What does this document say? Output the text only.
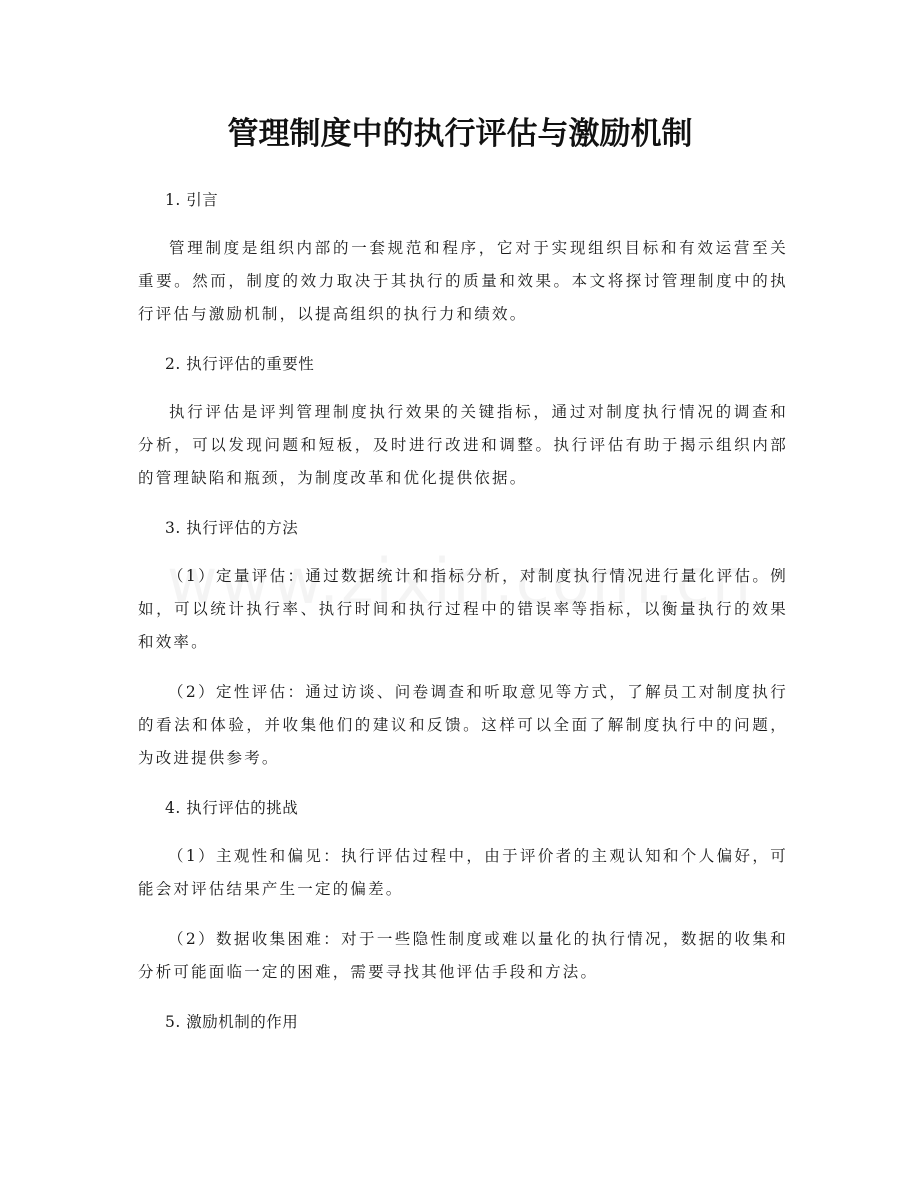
管理制度中的执行评估与激励机制

1. 引言

管理制度是组织内部的一套规范和程序，它对于实现组织目标和有效运营至关重要。然而，制度的效力取决于其执行的质量和效果。本文将探讨管理制度中的执行评估与激励机制，以提高组织的执行力和绩效。

2. 执行评估的重要性

执行评估是评判管理制度执行效果的关键指标，通过对制度执行情况的调查和分析，可以发现问题和短板，及时进行改进和调整。执行评估有助于揭示组织内部的管理缺陷和瓶颈，为制度改革和优化提供依据。

3. 执行评估的方法

（1）定量评估：通过数据统计和指标分析，对制度执行情况进行量化评估。例如，可以统计执行率、执行时间和执行过程中的错误率等指标，以衡量执行的效果和效率。

（2）定性评估：通过访谈、问卷调查和听取意见等方式，了解员工对制度执行的看法和体验，并收集他们的建议和反馈。这样可以全面了解制度执行中的问题，为改进提供参考。

4. 执行评估的挑战

（1）主观性和偏见：执行评估过程中，由于评价者的主观认知和个人偏好，可能会对评估结果产生一定的偏差。

（2）数据收集困难：对于一些隐性制度或难以量化的执行情况，数据的收集和分析可能面临一定的困难，需要寻找其他评估手段和方法。

5. 激励机制的作用
